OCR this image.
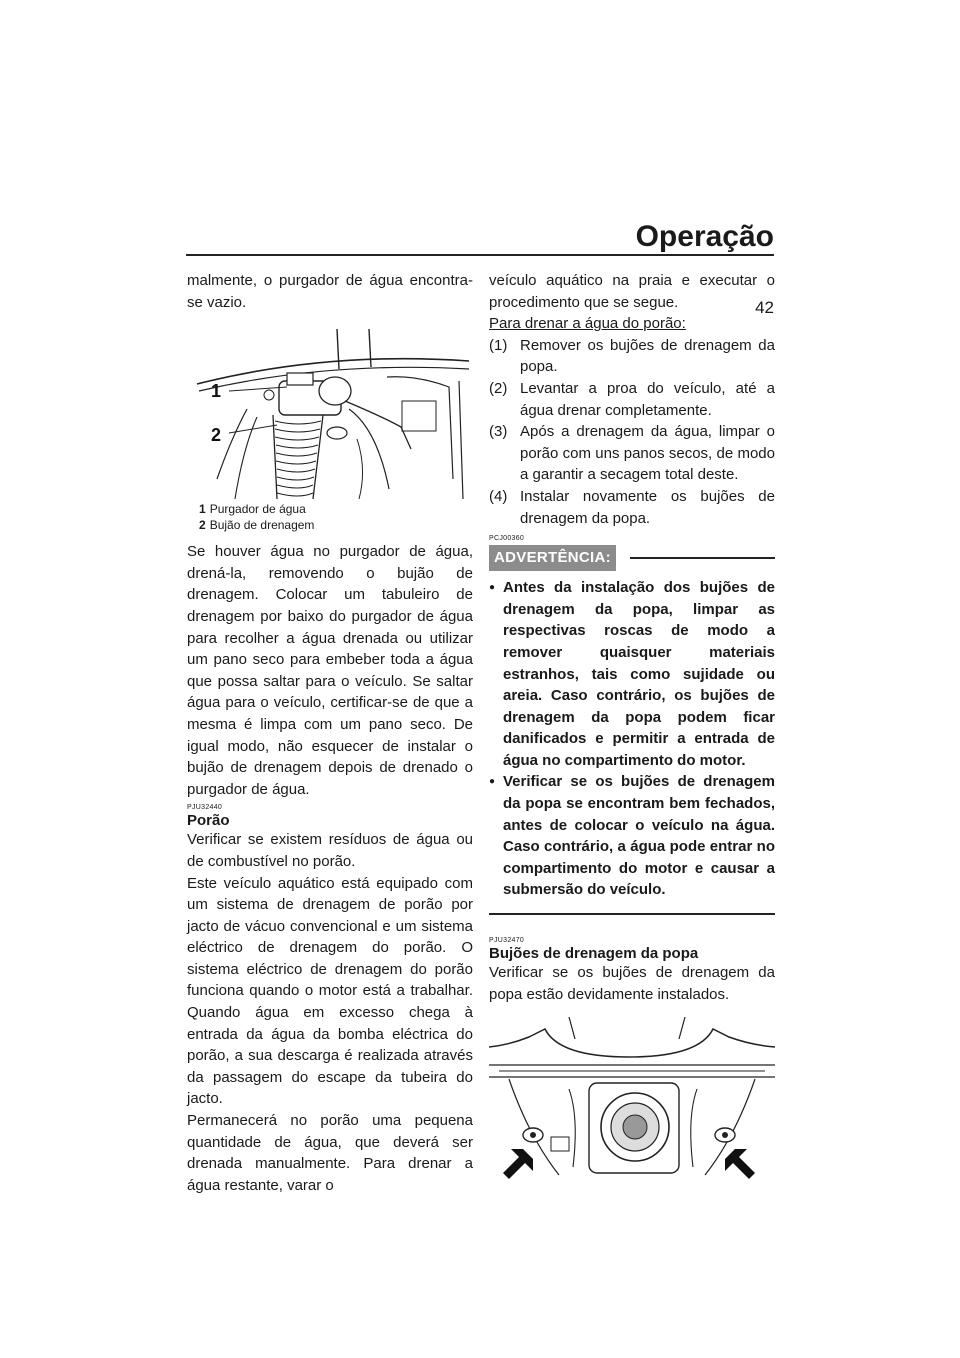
Operação
42

malmente, o purgador de água encontra-se vazio.

1
2
1 Purgador de água
2 Bujão de drenagem

Se houver água no purgador de água, drená-la, removendo o bujão de drenagem. Colocar um tabuleiro de drenagem por baixo do purgador de água para recolher a água drenada ou utilizar um pano seco para embeber toda a água que possa saltar para o veículo. Se saltar água para o veículo, certificar-se de que a mesma é limpa com um pano seco. De igual modo, não esquecer de instalar o bujão de drenagem depois de drenado o purgador de água.

PJU32440
Porão

Verificar se existem resíduos de água ou de combustível no porão.

Este veículo aquático está equipado com um sistema de drenagem de porão por jacto de vácuo convencional e um sistema eléctrico de drenagem do porão. O sistema eléctrico de drenagem do porão funciona quando o motor está a trabalhar. Quando água em excesso chega à entrada da água da bomba eléctrica do porão, a sua descarga é realizada através da passagem do escape da tubeira do jacto.

Permanecerá no porão uma pequena quantidade de água, que deverá ser drenada manualmente. Para drenar a água restante, varar o

veículo aquático na praia e executar o procedimento que se segue.

Para drenar a água do porão:
(1) Remover os bujões de drenagem da popa.
(2) Levantar a proa do veículo, até a água drenar completamente.
(3) Após a drenagem da água, limpar o porão com uns panos secos, de modo a garantir a secagem total deste.
(4) Instalar novamente os bujões de drenagem da popa.
PCJ00360
ADVERTÊNCIA:
● Antes da instalação dos bujões de drenagem da popa, limpar as respectivas roscas de modo a remover quaisquer materiais estranhos, tais como sujidade ou areia. Caso contrário, os bujões de drenagem da popa podem ficar danificados e permitir a entrada de água no compartimento do motor.
● Verificar se os bujões de drenagem da popa se encontram bem fechados, antes de colocar o veículo na água. Caso contrário, a água pode entrar no compartimento do motor e causar a submersão do veículo.
PJU32470
Bujões de drenagem da popa

Verificar se os bujões de drenagem da popa estão devidamente instalados.
